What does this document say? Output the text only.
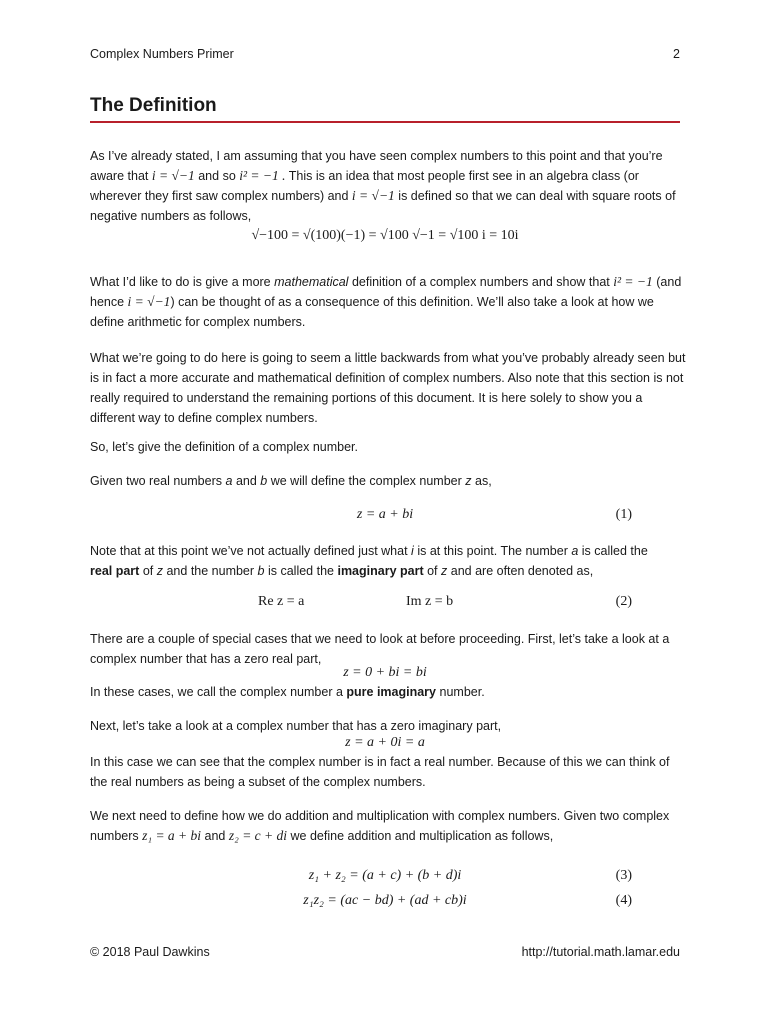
Complex Numbers Primer	2
The Definition
As I’ve already stated, I am assuming that you have seen complex numbers to this point and that you’re aware that i = √−1 and so i² = −1 . This is an idea that most people first see in an algebra class (or wherever they first saw complex numbers) and i = √−1 is defined so that we can deal with square roots of negative numbers as follows,
√−100 = √(100)(−1) = √100 √−1 = √100 i = 10i
What I’d like to do is give a more mathematical definition of a complex numbers and show that i² = −1 (and hence i = √−1) can be thought of as a consequence of this definition. We’ll also take a look at how we define arithmetic for complex numbers.
What we’re going to do here is going to seem a little backwards from what you’ve probably already seen but is in fact a more accurate and mathematical definition of complex numbers. Also note that this section is not really required to understand the remaining portions of this document. It is here solely to show you a different way to define complex numbers.
So, let’s give the definition of a complex number.
Given two real numbers a and b we will define the complex number z as,
z = a + bi	(1)
Note that at this point we’ve not actually defined just what i is at this point. The number a is called the
real part of z and the number b is called the imaginary part of z and are often denoted as,
Re z = a	Im z = b	(2)
There are a couple of special cases that we need to look at before proceeding. First, let’s take a look at a complex number that has a zero real part,
z = 0 + bi = bi
In these cases, we call the complex number a pure imaginary number.
Next, let’s take a look at a complex number that has a zero imaginary part,
z = a + 0i = a
In this case we can see that the complex number is in fact a real number. Because of this we can think of the real numbers as being a subset of the complex numbers.
We next need to define how we do addition and multiplication with complex numbers. Given two complex numbers z₁ = a + bi and z₂ = c + di we define addition and multiplication as follows,
z₁ + z₂ = (a + c) + (b + d)i	(3)
z₁z₂ = (ac − bd) + (ad + cb)i	(4)
© 2018 Paul Dawkins	http://tutorial.math.lamar.edu
